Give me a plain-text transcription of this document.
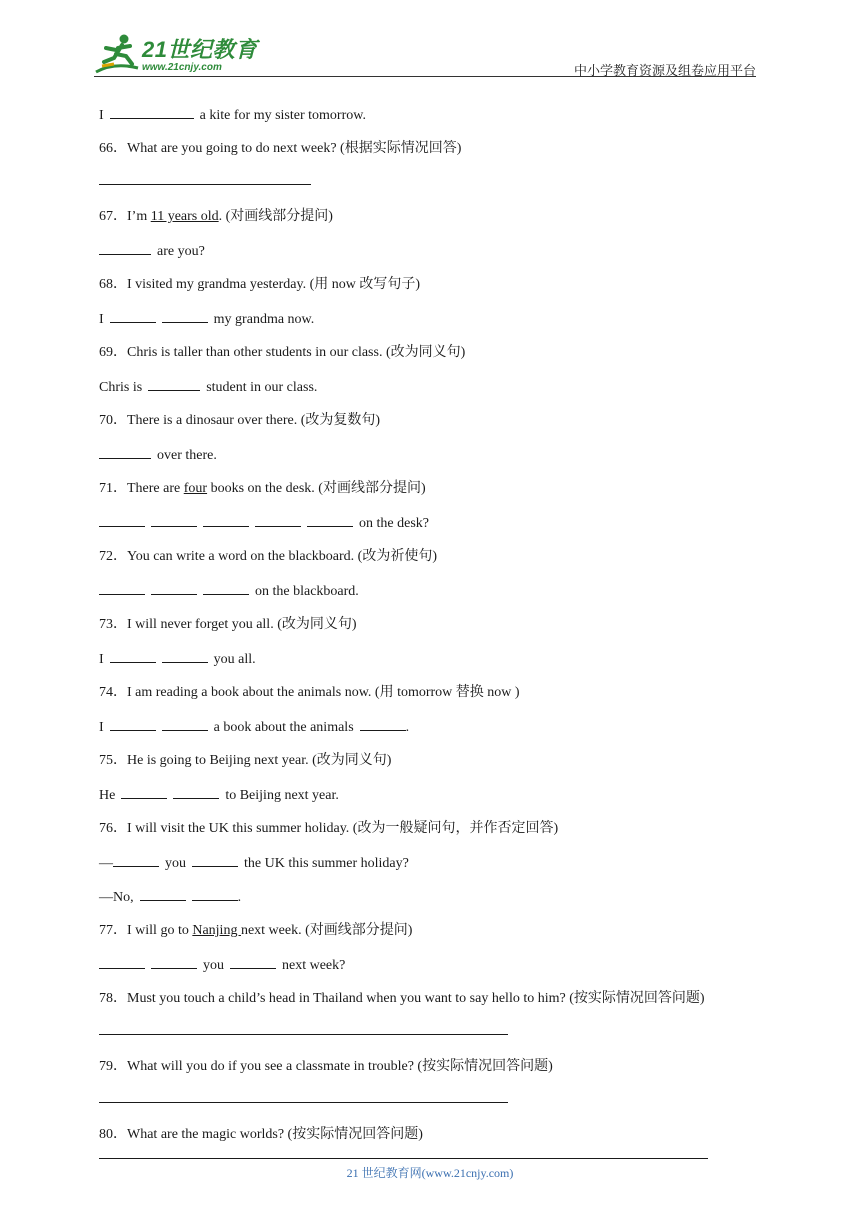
21世纪教育
www.21cnjy.com	中小学教育资源及组卷应用平台
I	a kite for my sister tomorrow.
66．What are you going to do next week? (根据实际情况回答)
67．I’m 11 years old. (对画线部分提问)
are you?
68．I visited my grandma yesterday. (用 now 改写句子)
I	my grandma now.
69．Chris is taller than other students in our class. (改为同义句)
Chris is	student in our class.
70．There is a dinosaur over there. (改为复数句)
over there.
71．There are four books on the desk. (对画线部分提问)
on the desk?
72．You can write a word on the blackboard. (改为祈使句)
on the blackboard.
73．I will never forget you all. (改为同义句)
I	you all.
74．I am reading a book about the animals now. (用 tomorrow 替换 now )
I	a book about the animals	.
75．He is going to Beijing next year. (改为同义句)
He	to Beijing next year.
76．I will visit the UK this summer holiday. (改为一般疑问句，并作否定回答)
—	you	the UK this summer holiday?
—No,	.
77．I will go to Nanjing next week. (对画线部分提问)
you	next week?
78．Must you touch a child’s head in Thailand when you want to say hello to him? (按实际情况回答问题)
79．What will you do if you see a classmate in trouble? (按实际情况回答问题)
80．What are the magic worlds? (按实际情况回答问题)
21 世纪教育网(www.21cnjy.com)
